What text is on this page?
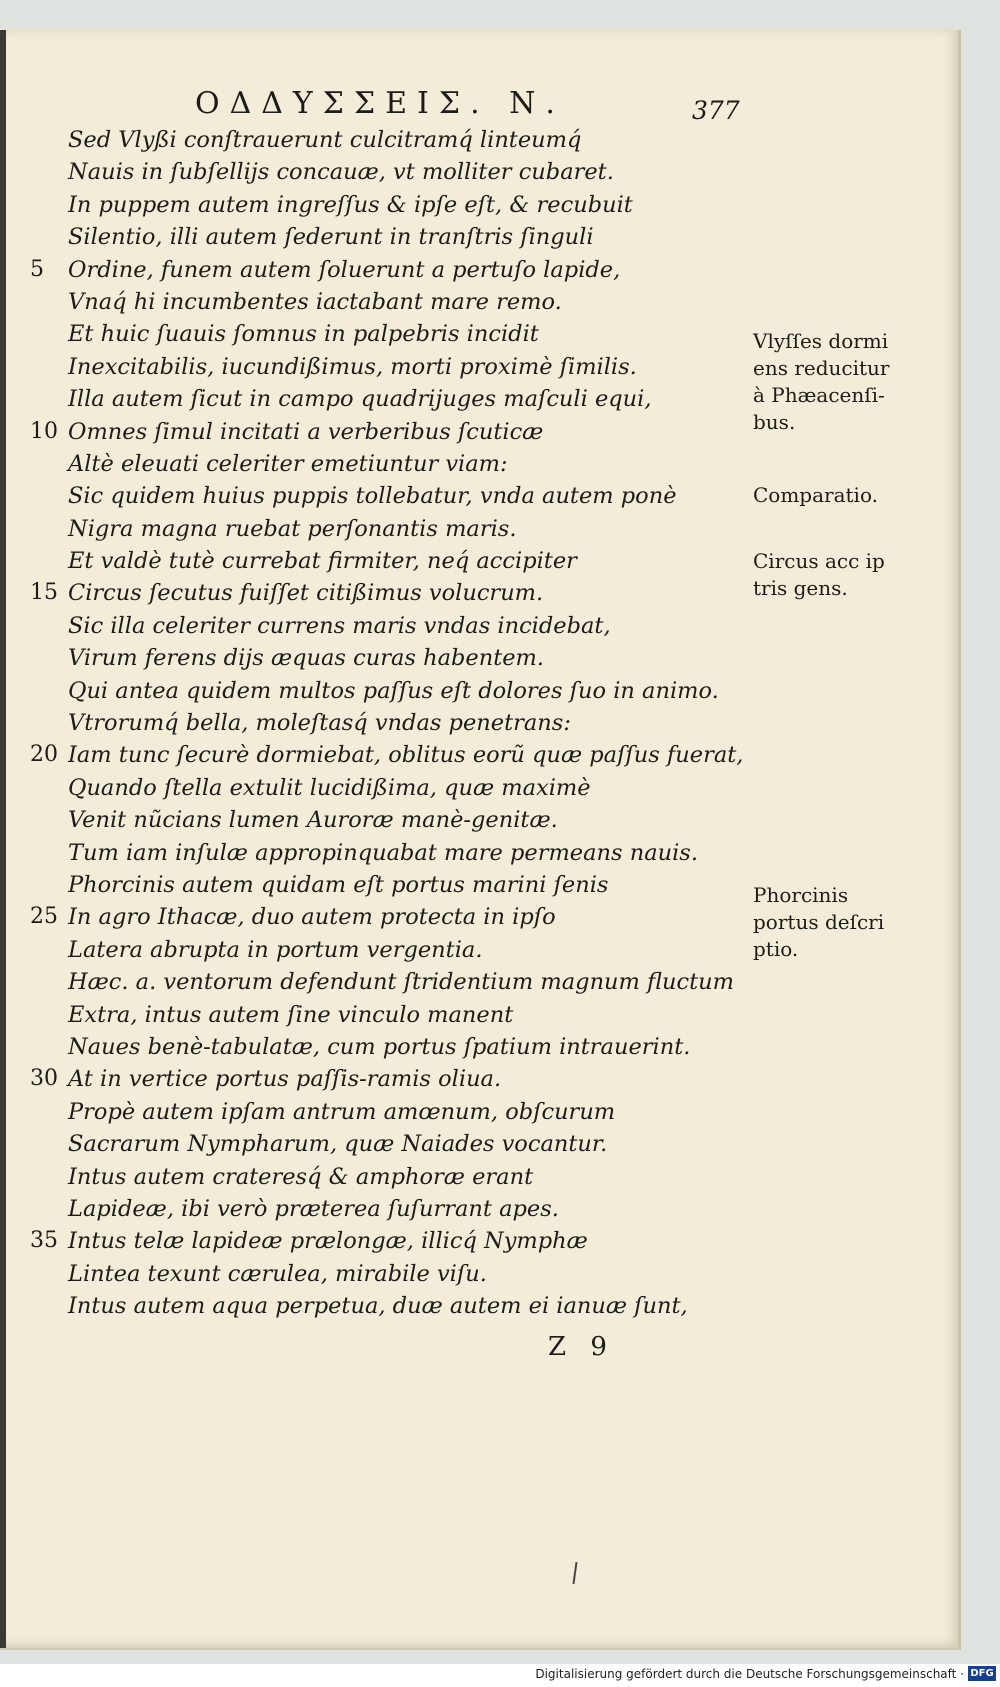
ΟΔΔΥΣΣΕΙΣ. Ν.	377
Sed Vlyßi conſtrauerunt culcitramq́ linteumq́
Nauis in ſubſellijs concauæ, vt molliter cubaret.
In puppem autem ingreſſus & ipſe eſt, & recubuit
Silentio, illi autem ſederunt in tranſtris ſinguli
5 Ordine, funem autem ſoluerunt a pertuſo lapide,
Vnaq́ hi incumbentes iactabant mare remo.
Et huic ſuauis ſomnus in palpebris incidit
Inexcitabilis, iucundißimus, morti proximè ſimilis.
Illa autem ſicut in campo quadrijuges maſculi equi,
10 Omnes ſimul incitati a verberibus ſcuticæ
Altè eleuati celeriter emetiuntur viam:
Sic quidem huius puppis tollebatur, vnda autem ponè
Nigra magna ruebat perſonantis maris.
Et valdè tutè currebat firmiter, neq́ accipiter
15 Circus ſecutus fuiſſet citißimus volucrum.
Sic illa celeriter currens maris vndas incidebat,
Virum ferens dijs æquas curas habentem.
Qui antea quidem multos paſſus eſt dolores ſuo in animo.
Vtrorumq́ bella, moleſtasq́ vndas penetrans:
20 Iam tunc ſecurè dormiebat, oblitus eorũ quæ paſſus fuerat,
Quando ſtella extulit lucidißima, quæ maximè
Venit nũcians lumen Auroræ manè-genitæ.
Tum iam inſulæ appropinquabat mare permeans nauis.
Phorcinis autem quidam eſt portus marini ſenis
25 In agro Ithacæ, duo autem protecta in ipſo
Latera abrupta in portum vergentia.
Hæc. a. ventorum defendunt ſtridentium magnum fluctum
Extra, intus autem ſine vinculo manent
Naues benè-tabulatæ, cum portus ſpatium intrauerint.
30 At in vertice portus paſſis-ramis oliua.
Propè autem ipſam antrum amœnum, obſcurum
Sacrarum Nympharum, quæ Naiades vocantur.
Intus autem crateresq́ & amphoræ erant
Lapideæ, ibi verò præterea ſuſurrant apes.
35 Intus telæ lapideæ prælongæ, illicq́ Nymphæ
Lintea texunt cærulea, mirabile viſu.
Intus autem aqua perpetua, duæ autem ei ianuæ ſunt,
Vlyſſes dormi
ens reducitur
à Phæacenſi-
bus.
Comparatio.
Circus acc ip
tris gens.
Phorcinis
portus deſcri
ptio.
Z 9
Digitalisierung gefördert durch die Deutsche Forschungsgemeinschaft · DFG
